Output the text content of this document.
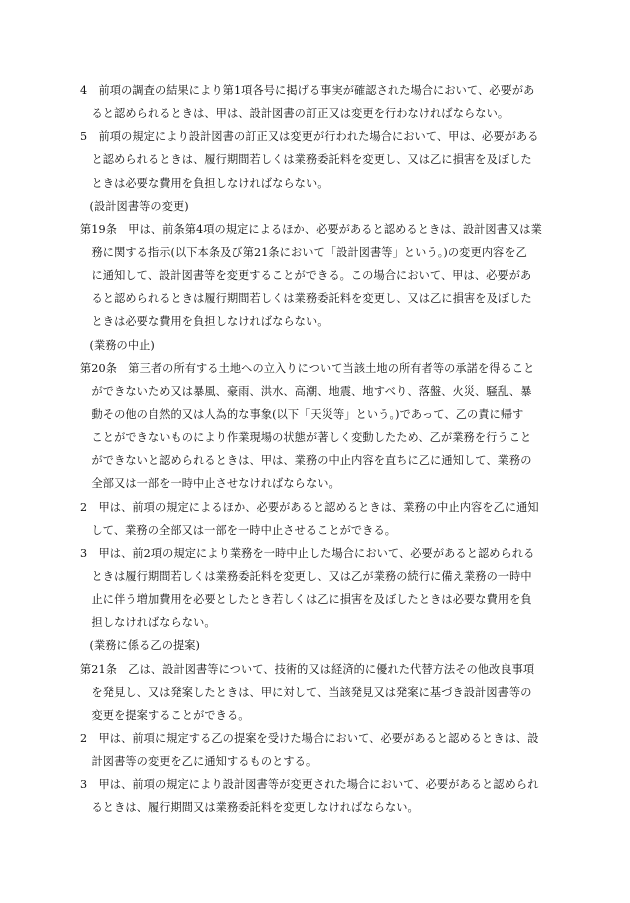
4　前項の調査の結果により第1項各号に掲げる事実が確認された場合において、必要があ
ると認められるときは、甲は、設計図書の訂正又は変更を行わなければならない。
5　前項の規定により設計図書の訂正又は変更が行われた場合において、甲は、必要がある
と認められるときは、履行期間若しくは業務委託料を変更し、又は乙に損害を及ぼした
ときは必要な費用を負担しなければならない。
(設計図書等の変更)
第19条　甲は、前条第4項の規定によるほか、必要があると認めるときは、設計図書又は業
務に関する指示(以下本条及び第21条において「設計図書等」という。)の変更内容を乙
に通知して、設計図書等を変更することができる。この場合において、甲は、必要があ
ると認められるときは履行期間若しくは業務委託料を変更し、又は乙に損害を及ぼした
ときは必要な費用を負担しなければならない。
(業務の中止)
第20条　第三者の所有する土地への立入りについて当該土地の所有者等の承諾を得ること
ができないため又は暴風、豪雨、洪水、高潮、地震、地すべり、落盤、火災、騒乱、暴
動その他の自然的又は人為的な事象(以下「天災等」という。)であって、乙の責に帰す
ことができないものにより作業現場の状態が著しく変動したため、乙が業務を行うこと
ができないと認められるときは、甲は、業務の中止内容を直ちに乙に通知して、業務の
全部又は一部を一時中止させなければならない。
2　甲は、前項の規定によるほか、必要があると認めるときは、業務の中止内容を乙に通知
して、業務の全部又は一部を一時中止させることができる。
3　甲は、前2項の規定により業務を一時中止した場合において、必要があると認められる
ときは履行期間若しくは業務委託料を変更し、又は乙が業務の続行に備え業務の一時中
止に伴う増加費用を必要としたとき若しくは乙に損害を及ぼしたときは必要な費用を負
担しなければならない。
(業務に係る乙の提案)
第21条　乙は、設計図書等について、技術的又は経済的に優れた代替方法その他改良事項
を発見し、又は発案したときは、甲に対して、当該発見又は発案に基づき設計図書等の
変更を提案することができる。
2　甲は、前項に規定する乙の提案を受けた場合において、必要があると認めるときは、設
計図書等の変更を乙に通知するものとする。
3　甲は、前項の規定により設計図書等が変更された場合において、必要があると認められ
るときは、履行期間又は業務委託料を変更しなければならない。
